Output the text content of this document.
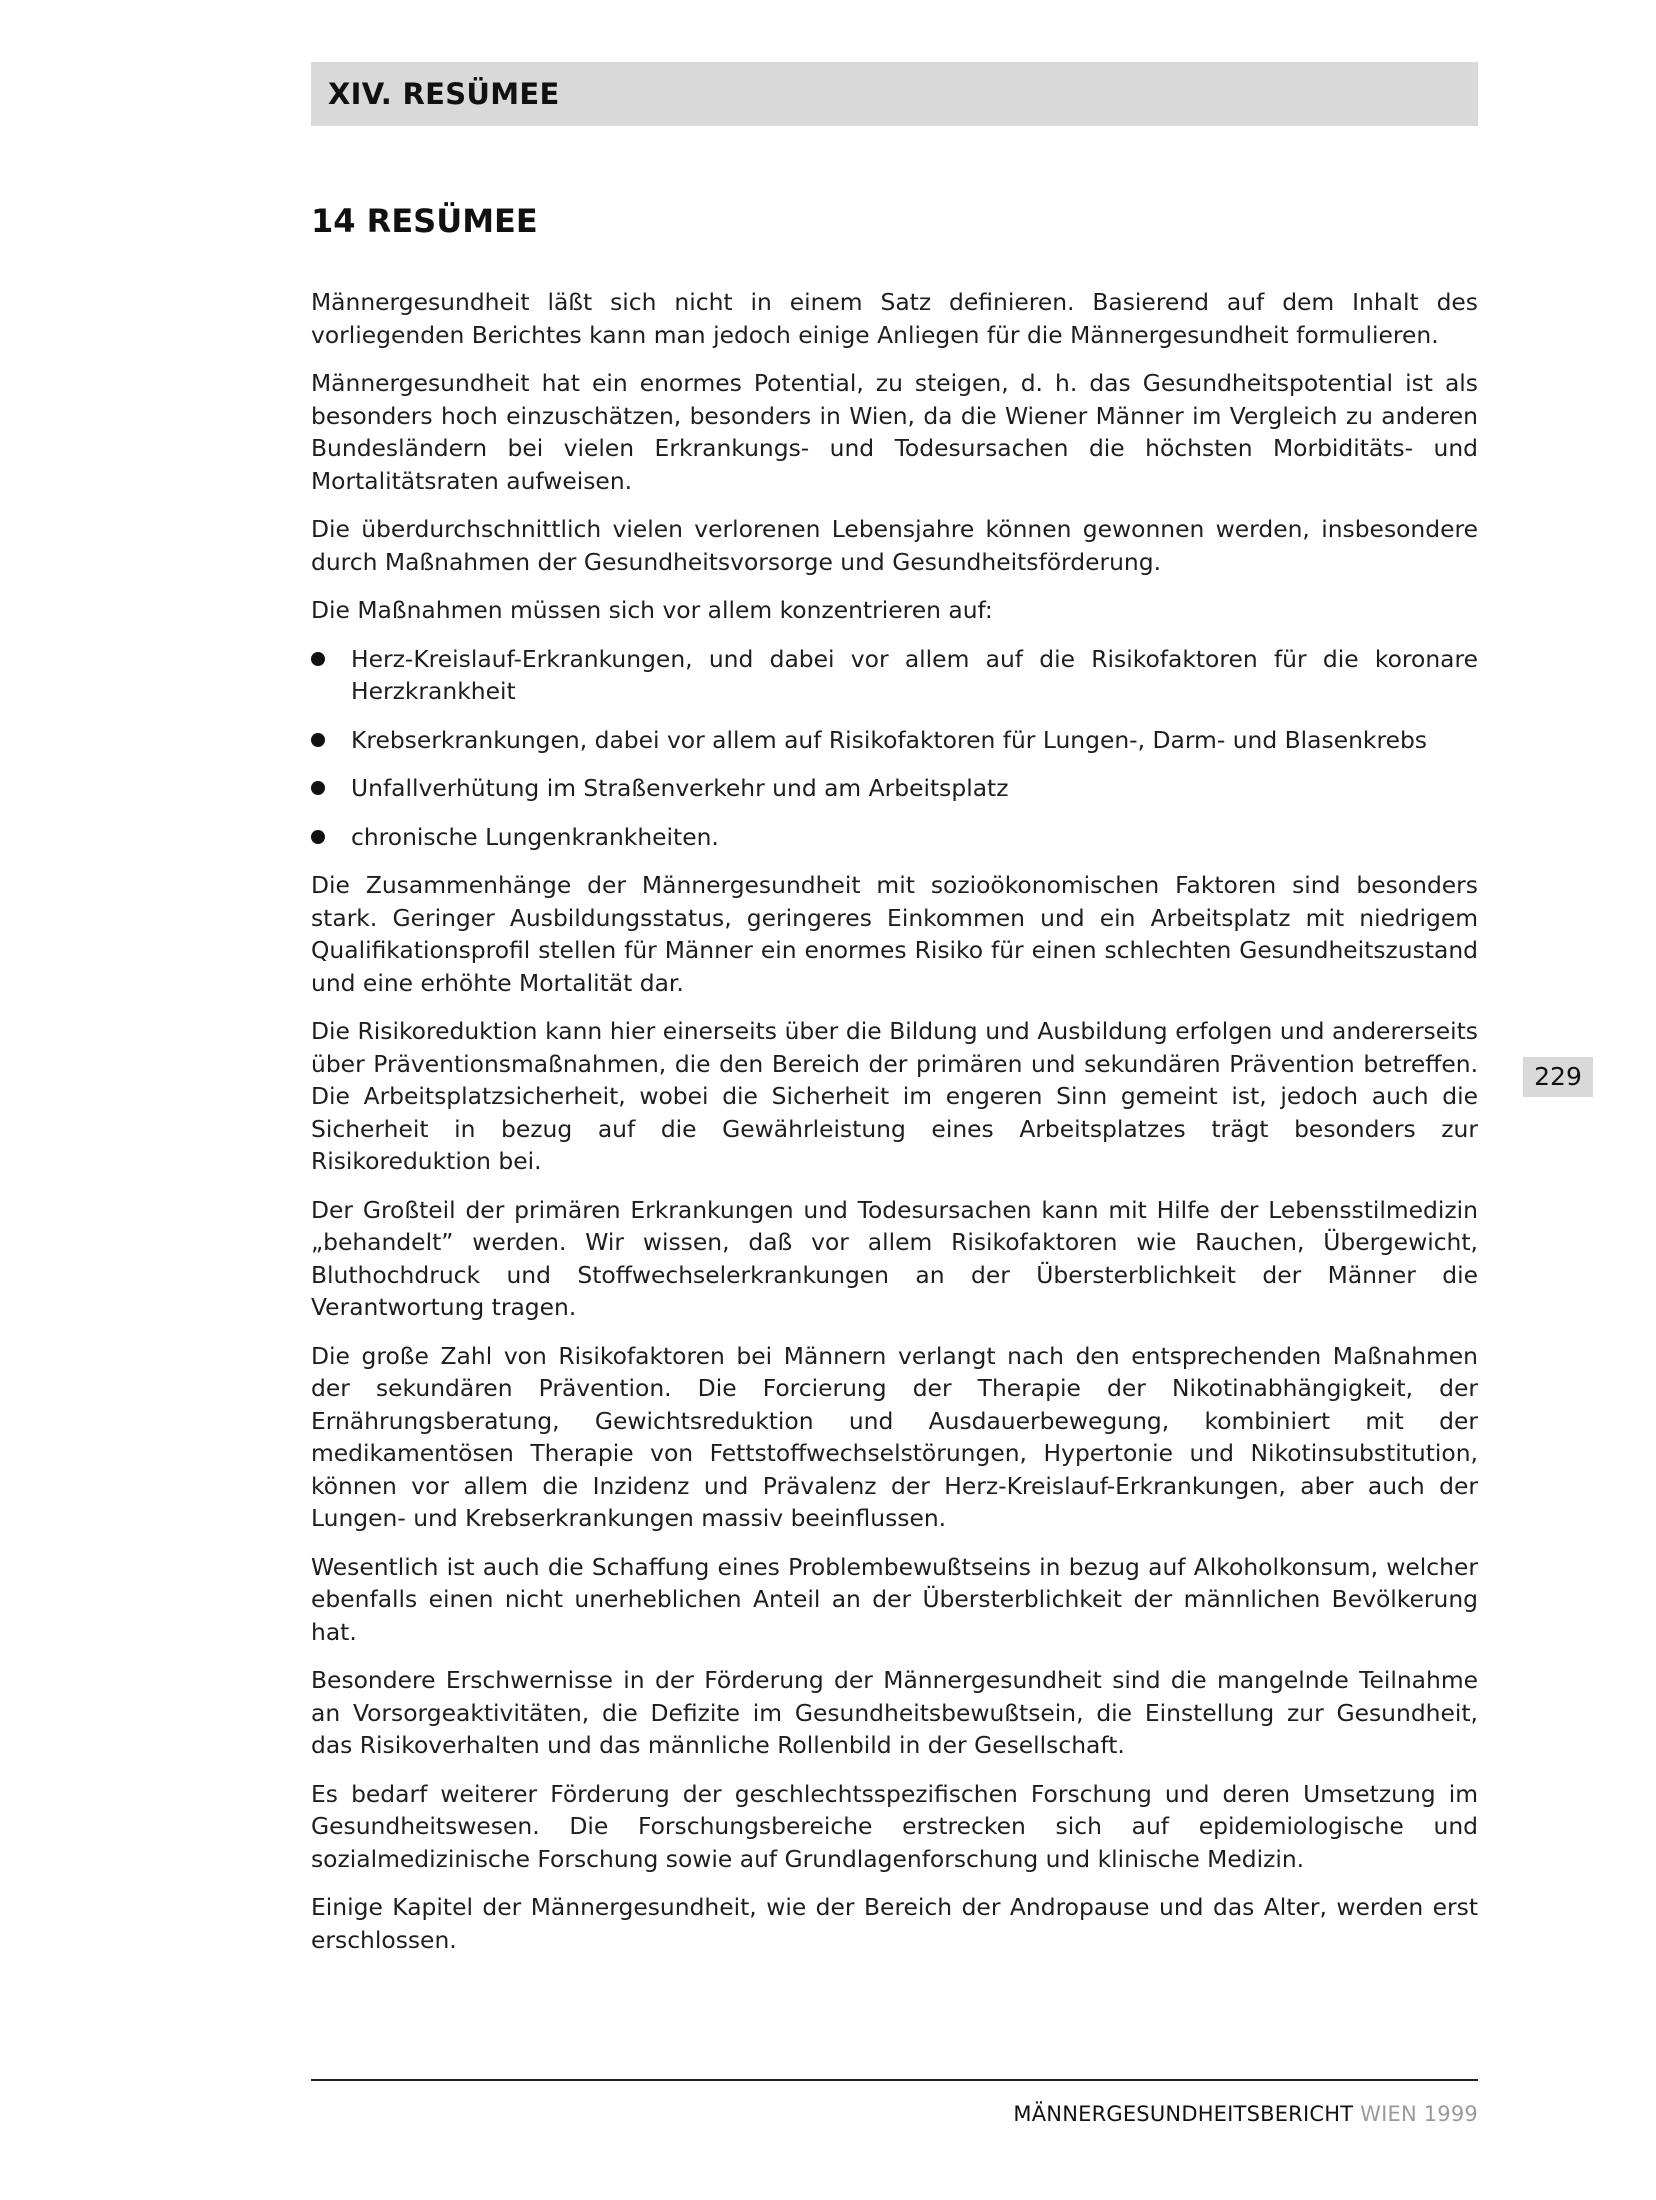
XIV. RESÜMEE
14 RESÜMEE

Männergesundheit läßt sich nicht in einem Satz definieren. Basierend auf dem Inhalt des vorliegenden Berichtes kann man jedoch einige Anliegen für die Männergesundheit formulieren.

Männergesundheit hat ein enormes Potential, zu steigen, d. h. das Gesundheitspotential ist als besonders hoch einzuschätzen, besonders in Wien, da die Wiener Männer im Vergleich zu anderen Bundesländern bei vielen Erkrankungs- und Todesursachen die höchsten Morbiditäts- und Mortalitätsraten aufweisen.

Die überdurchschnittlich vielen verlorenen Lebensjahre können gewonnen werden, insbesondere durch Maßnahmen der Gesundheitsvorsorge und Gesundheitsförderung.

Die Maßnahmen müssen sich vor allem konzentrieren auf:

Herz-Kreislauf-Erkrankungen, und dabei vor allem auf die Risikofaktoren für die koronare Herzkrankheit
Krebserkrankungen, dabei vor allem auf Risikofaktoren für Lungen-, Darm- und Blasenkrebs
Unfallverhütung im Straßenverkehr und am Arbeitsplatz
chronische Lungenkrankheiten.

Die Zusammenhänge der Männergesundheit mit sozioökonomischen Faktoren sind besonders stark. Geringer Ausbildungsstatus, geringeres Einkommen und ein Arbeitsplatz mit niedrigem Qualifikationsprofil stellen für Männer ein enormes Risiko für einen schlechten Gesundheitszustand und eine erhöhte Mortalität dar.

Die Risikoreduktion kann hier einerseits über die Bildung und Ausbildung erfolgen und andererseits über Präventionsmaßnahmen, die den Bereich der primären und sekundären Prävention betreffen. Die Arbeitsplatzsicherheit, wobei die Sicherheit im engeren Sinn gemeint ist, jedoch auch die Sicherheit in bezug auf die Gewährleistung eines Arbeitsplatzes trägt besonders zur Risikoreduktion bei.

Der Großteil der primären Erkrankungen und Todesursachen kann mit Hilfe der Lebensstilmedizin „behandelt” werden. Wir wissen, daß vor allem Risikofaktoren wie Rauchen, Übergewicht, Bluthochdruck und Stoffwechselerkrankungen an der Übersterblichkeit der Männer die Verantwortung tragen.

Die große Zahl von Risikofaktoren bei Männern verlangt nach den entsprechenden Maßnahmen der sekundären Prävention. Die Forcierung der Therapie der Nikotinabhängigkeit, der Ernährungsberatung, Gewichtsreduktion und Ausdauerbewegung, kombiniert mit der medikamentösen Therapie von Fettstoffwechselstörungen, Hypertonie und Nikotinsubstitution, können vor allem die Inzidenz und Prävalenz der Herz-Kreislauf-Erkrankungen, aber auch der Lungen- und Krebserkrankungen massiv beeinflussen.

Wesentlich ist auch die Schaffung eines Problembewußtseins in bezug auf Alkoholkonsum, welcher ebenfalls einen nicht unerheblichen Anteil an der Übersterblichkeit der männlichen Bevölkerung hat.

Besondere Erschwernisse in der Förderung der Männergesundheit sind die mangelnde Teilnahme an Vorsorgeaktivitäten, die Defizite im Gesundheitsbewußtsein, die Einstellung zur Gesundheit, das Risikoverhalten und das männliche Rollenbild in der Gesellschaft.

Es bedarf weiterer Förderung der geschlechtsspezifischen Forschung und deren Umsetzung im Gesundheitswesen. Die Forschungsbereiche erstrecken sich auf epidemiologische und sozialmedizinische Forschung sowie auf Grundlagenforschung und klinische Medizin.

Einige Kapitel der Männergesundheit, wie der Bereich der Andropause und das Alter, werden erst erschlossen.

229
MÄNNERGESUNDHEITSBERICHT WIEN 1999
